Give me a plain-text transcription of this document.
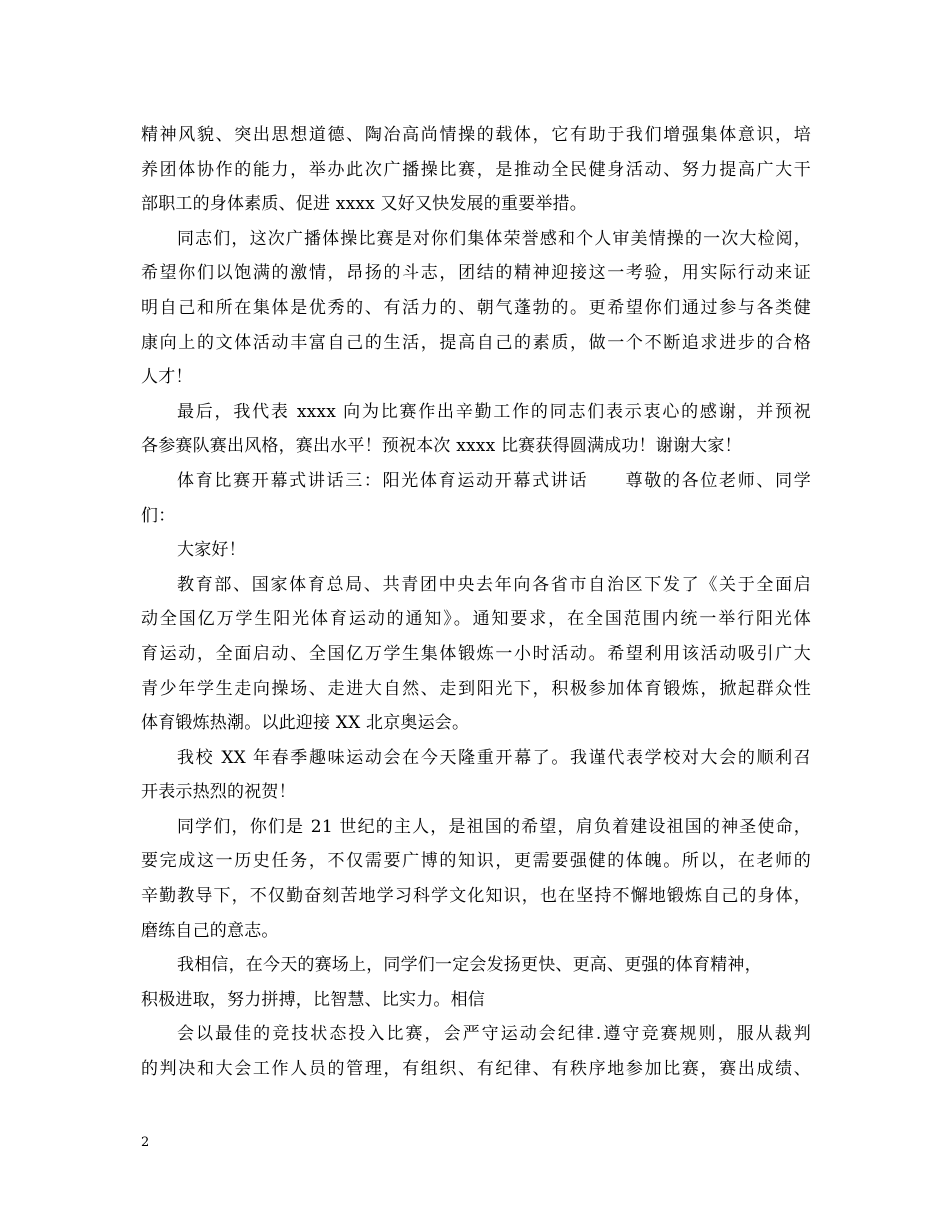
精神风貌、突出思想道德、陶冶高尚情操的载体，它有助于我们增强集体意识，培
养团体协作的能力，举办此次广播操比赛，是推动全民健身活动、努力提高广大干
部职工的身体素质、促进 xxxx 又好又快发展的重要举措。
同志们，这次广播体操比赛是对你们集体荣誉感和个人审美情操的一次大检阅，
希望你们以饱满的激情，昂扬的斗志，团结的精神迎接这一考验，用实际行动来证
明自己和所在集体是优秀的、有活力的、朝气蓬勃的。更希望你们通过参与各类健
康向上的文体活动丰富自己的生活，提高自己的素质，做一个不断追求进步的合格
人才！
最后，我代表 xxxx 向为比赛作出辛勤工作的同志们表示衷心的感谢，并预祝
各参赛队赛出风格，赛出水平！预祝本次 xxxx 比赛获得圆满成功！谢谢大家！
体育比赛开幕式讲话三：阳光体育运动开幕式讲话　　尊敬的各位老师、同学
们：
大家好！
教育部、国家体育总局、共青团中央去年向各省市自治区下发了《关于全面启
动全国亿万学生阳光体育运动的通知》。通知要求，在全国范围内统一举行阳光体
育运动，全面启动、全国亿万学生集体锻炼一小时活动。希望利用该活动吸引广大
青少年学生走向操场、走进大自然、走到阳光下，积极参加体育锻炼，掀起群众性
体育锻炼热潮。以此迎接 XX 北京奥运会。
我校 XX 年春季趣味运动会在今天隆重开幕了。我谨代表学校对大会的顺利召
开表示热烈的祝贺！
同学们，你们是 21 世纪的主人，是祖国的希望，肩负着建设祖国的神圣使命，
要完成这一历史任务，不仅需要广博的知识，更需要强健的体魄。所以，在老师的
辛勤教导下，不仅勤奋刻苦地学习科学文化知识，也在坚持不懈地锻炼自己的身体，
磨练自己的意志。
我相信，在今天的赛场上，同学们一定会发扬更快、更高、更强的体育精神，
积极进取，努力拼搏，比智慧、比实力。相信
会以最佳的竞技状态投入比赛，会严守运动会纪律.遵守竞赛规则，服从裁判
的判决和大会工作人员的管理，有组织、有纪律、有秩序地参加比赛，赛出成绩、
2
